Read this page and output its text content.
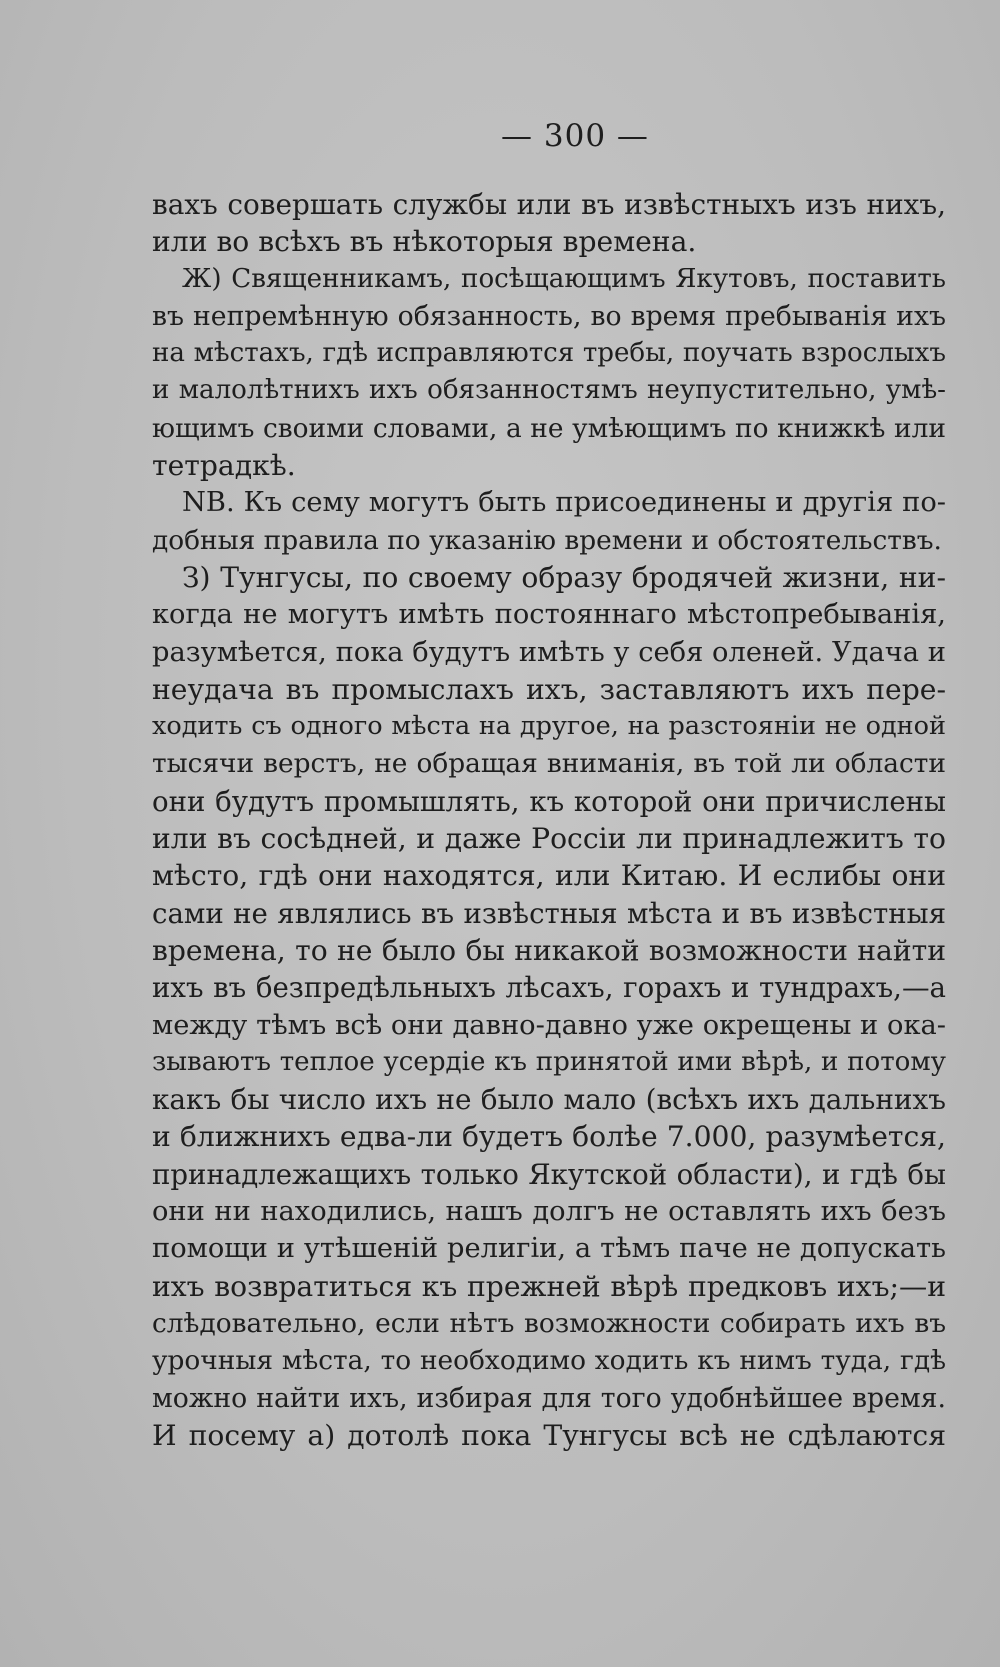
— 300 —
вахъ совершать службы или въ извѣстныхъ изъ нихъ,
или во всѣхъ въ нѣкоторыя времена.
Ж) Священникамъ, посѣщающимъ Якутовъ, поставить
въ непремѣнную обязанность, во время пребыванія ихъ
на мѣстахъ, гдѣ исправляются требы, поучать взрослыхъ
и малолѣтнихъ ихъ обязанностямъ неупустительно, умѣ-
ющимъ своими словами, а не умѣющимъ по книжкѣ или
тетрадкѣ.
NB. Къ сему могутъ быть присоединены и другія по-
добныя правила по указанію времени и обстоятельствъ.
З) Тунгусы, по своему образу бродячей жизни, ни-
когда не могутъ имѣть постояннаго мѣстопребыванія,
разумѣется, пока будутъ имѣть у себя оленей. Удача и
неудача въ промыслахъ ихъ, заставляютъ ихъ пере-
ходить съ одного мѣста на другое, на разстояніи не одной
тысячи верстъ, не обращая вниманія, въ той ли области
они будутъ промышлять, къ которой они причислены
или въ сосѣдней, и даже Россіи ли принадлежитъ то
мѣсто, гдѣ они находятся, или Китаю. И еслибы они
сами не являлись въ извѣстныя мѣста и въ извѣстныя
времена, то не было бы никакой возможности найти
ихъ въ безпредѣльныхъ лѣсахъ, горахъ и тундрахъ,—а
между тѣмъ всѣ они давно-давно уже окрещены и ока-
зываютъ теплое усердіе къ принятой ими вѣрѣ, и потому
какъ бы число ихъ не было мало (всѣхъ ихъ дальнихъ
и ближнихъ едва-ли будетъ болѣе 7.000, разумѣется,
принадлежащихъ только Якутской области), и гдѣ бы
они ни находились, нашъ долгъ не оставлять ихъ безъ
помощи и утѣшеній религіи, а тѣмъ паче не допускать
ихъ возвратиться къ прежней вѣрѣ предковъ ихъ;—и
слѣдовательно, если нѣтъ возможности собирать ихъ въ
урочныя мѣста, то необходимо ходить къ нимъ туда, гдѣ
можно найти ихъ, избирая для того удобнѣйшее время.
И посему а) дотолѣ пока Тунгусы всѣ не сдѣлаются
